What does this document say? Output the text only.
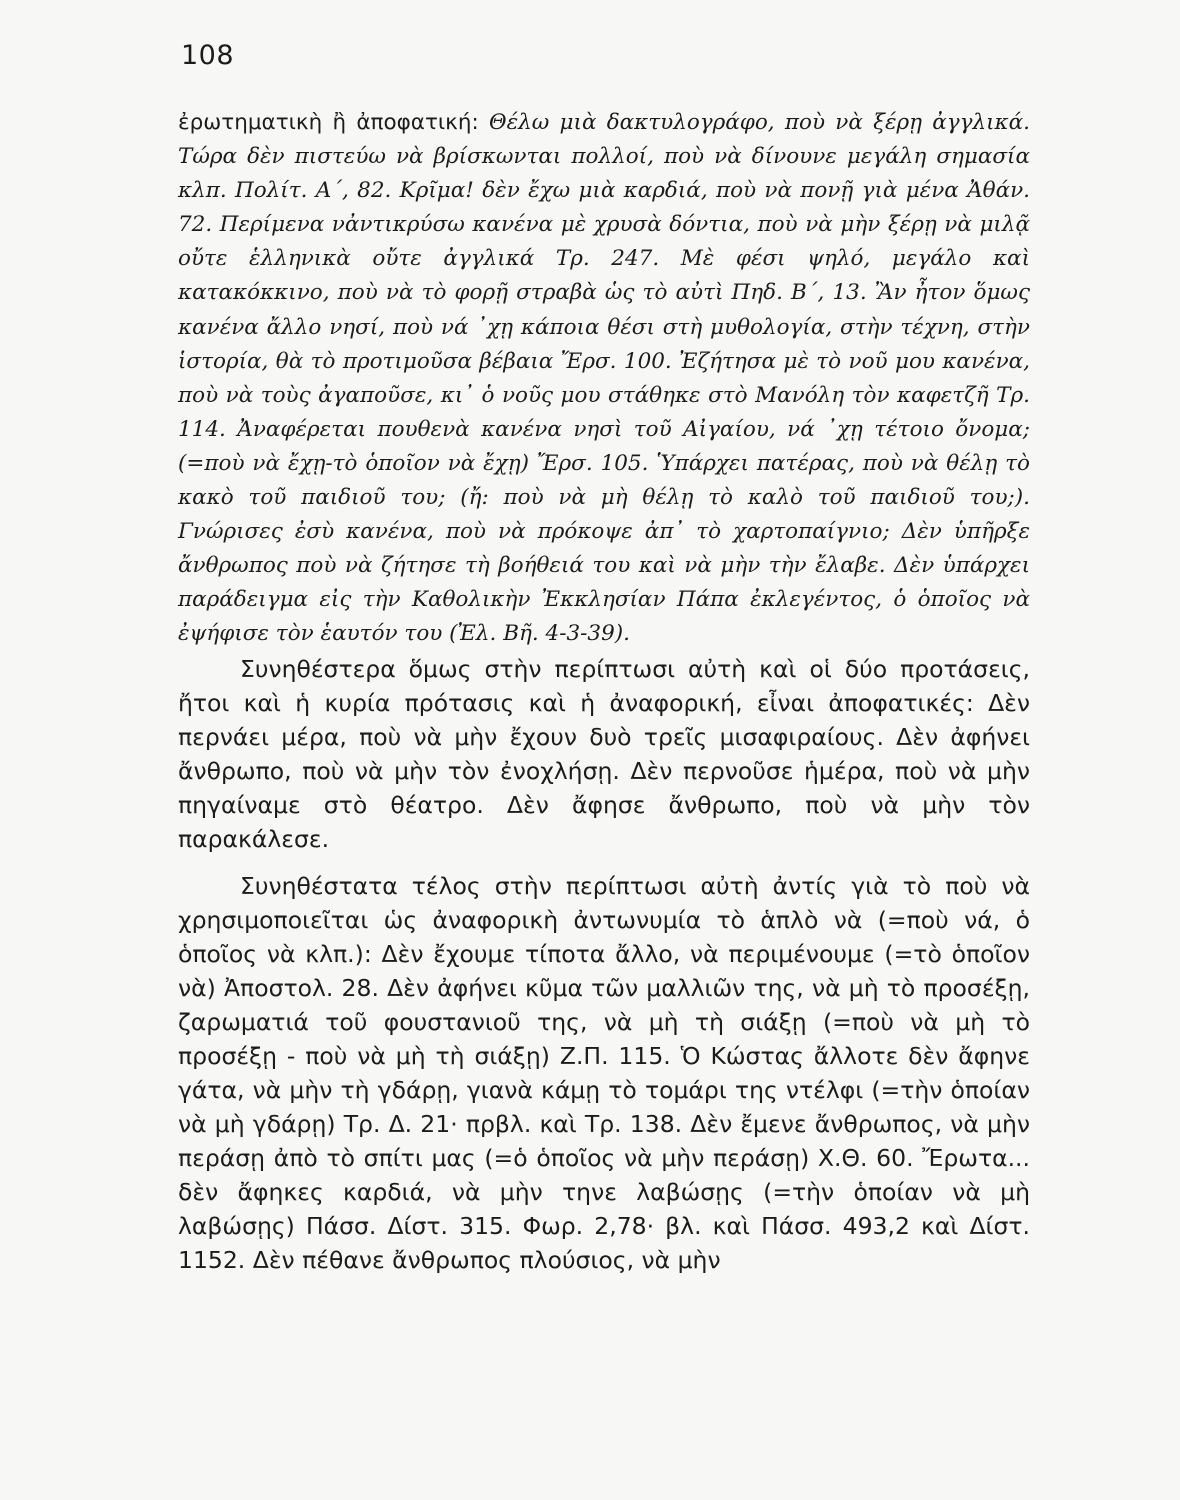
108

ἐρωτηματικὴ ἢ ἀποφατική: Θέλω μιὰ δακτυλογράφο, ποὺ νὰ ξέρῃ ἀγγλικά. Τώρα δὲν πιστεύω νὰ βρίσκωνται πολλοί, ποὺ νὰ δίνουνε μεγάλη σημασία κλπ. Πολίτ. Α΄, 82. Κρῖμα! δὲν ἔχω μιὰ καρδιά, ποὺ νὰ πονῇ γιὰ μένα Ἀθάν. 72. Περίμενα νἀντικρύσω κανένα μὲ χρυσὰ δόντια, ποὺ νὰ μὴν ξέρῃ νὰ μιλᾷ οὔτε ἑλληνικὰ οὔτε ἀγγλικά Τρ. 247. Μὲ φέσι ψηλό, μεγάλο καὶ κατακόκκινο, ποὺ νὰ τὸ φορῇ στραβὰ ὡς τὸ αὐτὶ Πηδ. Β΄, 13. Ἂν ἦτον ὅμως κανένα ἄλλο νησί, ποὺ νά ᾿χῃ κάποια θέσι στὴ μυθολογία, στὴν τέχνη, στὴν ἱστορία, θὰ τὸ προτιμοῦσα βέβαια Ἔρσ. 100. Ἐζήτησα μὲ τὸ νοῦ μου κανένα, ποὺ νὰ τοὺς ἀγαποῦσε, κι᾿ ὁ νοῦς μου στάθηκε στὸ Μανόλη τὸν καφετζῆ Τρ. 114. Ἀναφέρεται πουθενὰ κανένα νησὶ τοῦ Αἰγαίου, νά ᾿χῃ τέτοιο ὄνομα; (=ποὺ νὰ ἔχῃ-τὸ ὁποῖον νὰ ἔχῃ) Ἔρσ. 105. Ὑπάρχει πατέρας, ποὺ νὰ θέλῃ τὸ κακὸ τοῦ παιδιοῦ του; (ἤ: ποὺ νὰ μὴ θέλῃ τὸ καλὸ τοῦ παιδιοῦ του;). Γνώρισες ἐσὺ κανένα, ποὺ νὰ πρόκοψε ἀπ᾿ τὸ χαρτοπαίγνιο; Δὲν ὑπῆρξε ἄνθρωπος ποὺ νὰ ζήτησε τὴ βοήθειά του καὶ νὰ μὴν τὴν ἔλαβε. Δὲν ὑπάρχει παράδειγμα εἰς τὴν Καθολικὴν Ἐκκλησίαν Πάπα ἐκλεγέντος, ὁ ὁποῖος νὰ ἐψήφισε τὸν ἑαυτόν του (Ἐλ. Βῆ. 4-3-39).

Συνηθέστερα ὅμως στὴν περίπτωσι αὐτὴ καὶ οἱ δύο προτάσεις, ἤτοι καὶ ἡ κυρία πρότασις καὶ ἡ ἀναφορική, εἶναι ἀποφατικές: Δὲν περνάει μέρα, ποὺ νὰ μὴν ἔχουν δυὸ τρεῖς μισαφιραίους. Δὲν ἀφήνει ἄνθρωπο, ποὺ νὰ μὴν τὸν ἐνοχλήσῃ. Δὲν περνοῦσε ἡμέρα, ποὺ νὰ μὴν πηγαίναμε στὸ θέατρο. Δὲν ἄφησε ἄνθρωπο, ποὺ νὰ μὴν τὸν παρακάλεσε.

Συνηθέστατα τέλος στὴν περίπτωσι αὐτὴ ἀντίς γιὰ τὸ ποὺ νὰ χρησιμοποιεῖται ὡς ἀναφορικὴ ἀντωνυμία τὸ ἁπλὸ νὰ (=ποὺ νά, ὁ ὁποῖος νὰ κλπ.): Δὲν ἔχουμε τίποτα ἄλλο, νὰ περιμένουμε (=τὸ ὁποῖον νὰ) Ἀποστολ. 28. Δὲν ἀφήνει κῦμα τῶν μαλλιῶν της, νὰ μὴ τὸ προσέξῃ, ζαρωματιά τοῦ φουστανιοῦ της, νὰ μὴ τὴ σιάξῃ (=ποὺ νὰ μὴ τὸ προσέξῃ - ποὺ νὰ μὴ τὴ σιάξῃ) Ζ.Π. 115. Ὁ Κώστας ἄλλοτε δὲν ἄφηνε γάτα, νὰ μὴν τὴ γδάρῃ, γιανὰ κάμῃ τὸ τομάρι της ντέλφι (=τὴν ὁποίαν νὰ μὴ γδάρῃ) Τρ. Δ. 21· πρβλ. καὶ Τρ. 138. Δὲν ἔμενε ἄνθρωπος, νὰ μὴν περάσῃ ἀπὸ τὸ σπίτι μας (=ὁ ὁποῖος νὰ μὴν περάσῃ) Χ.Θ. 60. Ἔρωτα... δὲν ἄφηκες καρδιά, νὰ μὴν τηνε λαβώσῃς (=τὴν ὁποίαν νὰ μὴ λαβώσῃς) Πάσσ. Δίστ. 315. Φωρ. 2,78· βλ. καὶ Πάσσ. 493,2 καὶ Δίστ. 1152. Δὲν πέθανε ἄνθρωπος πλούσιος, νὰ μὴν
